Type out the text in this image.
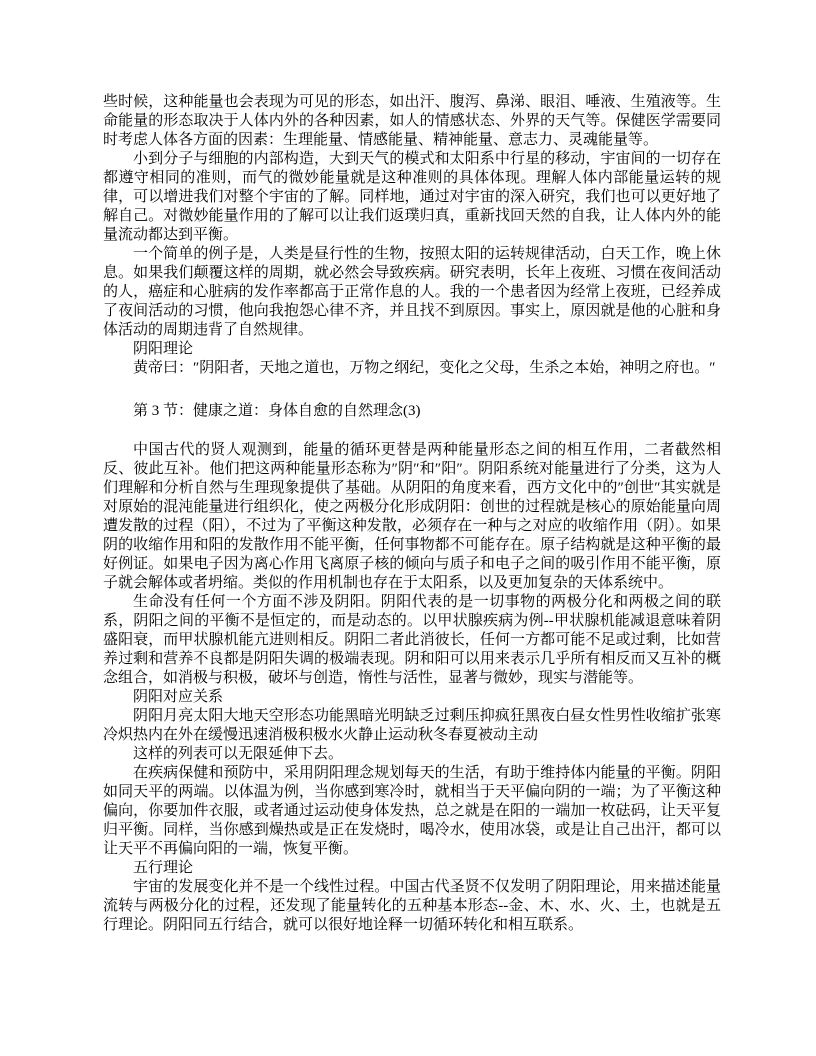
些时候，这种能量也会表现为可见的形态，如出汗、腹泻、鼻涕、眼泪、唾液、生殖液等。生命能量的形态取决于人体内外的各种因素，如人的情感状态、外界的天气等。保健医学需要同时考虑人体各方面的因素：生理能量、情感能量、精神能量、意志力、灵魂能量等。

小到分子与细胞的内部构造，大到天气的模式和太阳系中行星的移动，宇宙间的一切存在都遵守相同的准则，而气的微妙能量就是这种准则的具体体现。理解人体内部能量运转的规律，可以增进我们对整个宇宙的了解。同样地，通过对宇宙的深入研究，我们也可以更好地了解自己。对微妙能量作用的了解可以让我们返璞归真，重新找回天然的自我，让人体内外的能量流动都达到平衡。

一个简单的例子是，人类是昼行性的生物，按照太阳的运转规律活动，白天工作，晚上休息。如果我们颠覆这样的周期，就必然会导致疾病。研究表明，长年上夜班、习惯在夜间活动的人，癌症和心脏病的发作率都高于正常作息的人。我的一个患者因为经常上夜班，已经养成了夜间活动的习惯，他向我抱怨心律不齐，并且找不到原因。事实上，原因就是他的心脏和身体活动的周期违背了自然规律。

阴阳理论

黄帝曰：″阴阳者，天地之道也，万物之纲纪，变化之父母，生杀之本始，神明之府也。″

第 3 节：健康之道：身体自愈的自然理念(3)

中国古代的贤人观测到，能量的循环更替是两种能量形态之间的相互作用，二者截然相反、彼此互补。他们把这两种能量形态称为″阴″和″阳″。阴阳系统对能量进行了分类，这为人们理解和分析自然与生理现象提供了基础。从阴阳的角度来看，西方文化中的″创世″其实就是对原始的混沌能量进行组织化，使之两极分化形成阴阳：创世的过程就是核心的原始能量向周遭发散的过程（阳），不过为了平衡这种发散，必须存在一种与之对应的收缩作用（阴）。如果阴的收缩作用和阳的发散作用不能平衡，任何事物都不可能存在。原子结构就是这种平衡的最好例证。如果电子因为离心作用飞离原子核的倾向与质子和电子之间的吸引作用不能平衡，原子就会解体或者坍缩。类似的作用机制也存在于太阳系，以及更加复杂的天体系统中。

生命没有任何一个方面不涉及阴阳。阴阳代表的是一切事物的两极分化和两极之间的联系，阴阳之间的平衡不是恒定的，而是动态的。以甲状腺疾病为例--甲状腺机能减退意味着阴盛阳衰，而甲状腺机能亢进则相反。阴阳二者此消彼长，任何一方都可能不足或过剩，比如营养过剩和营养不良都是阴阳失调的极端表现。阴和阳可以用来表示几乎所有相反而又互补的概念组合，如消极与积极，破坏与创造，惰性与活性，显著与微妙，现实与潜能等。

阴阳对应关系

阴阳月亮太阳大地天空形态功能黑暗光明缺乏过剩压抑疯狂黑夜白昼女性男性收缩扩张寒冷炽热内在外在缓慢迅速消极积极水火静止运动秋冬春夏被动主动

这样的列表可以无限延伸下去。

在疾病保健和预防中，采用阴阳理念规划每天的生活，有助于维持体内能量的平衡。阴阳如同天平的两端。以体温为例，当你感到寒冷时，就相当于天平偏向阴的一端；为了平衡这种偏向，你要加件衣服，或者通过运动使身体发热，总之就是在阳的一端加一枚砝码，让天平复归平衡。同样，当你感到燥热或是正在发烧时，喝冷水，使用冰袋，或是让自己出汗，都可以让天平不再偏向阳的一端，恢复平衡。

五行理论

宇宙的发展变化并不是一个线性过程。中国古代圣贤不仅发明了阴阳理论，用来描述能量流转与两极分化的过程，还发现了能量转化的五种基本形态--金、木、水、火、土，也就是五行理论。阴阳同五行结合，就可以很好地诠释一切循环转化和相互联系。
